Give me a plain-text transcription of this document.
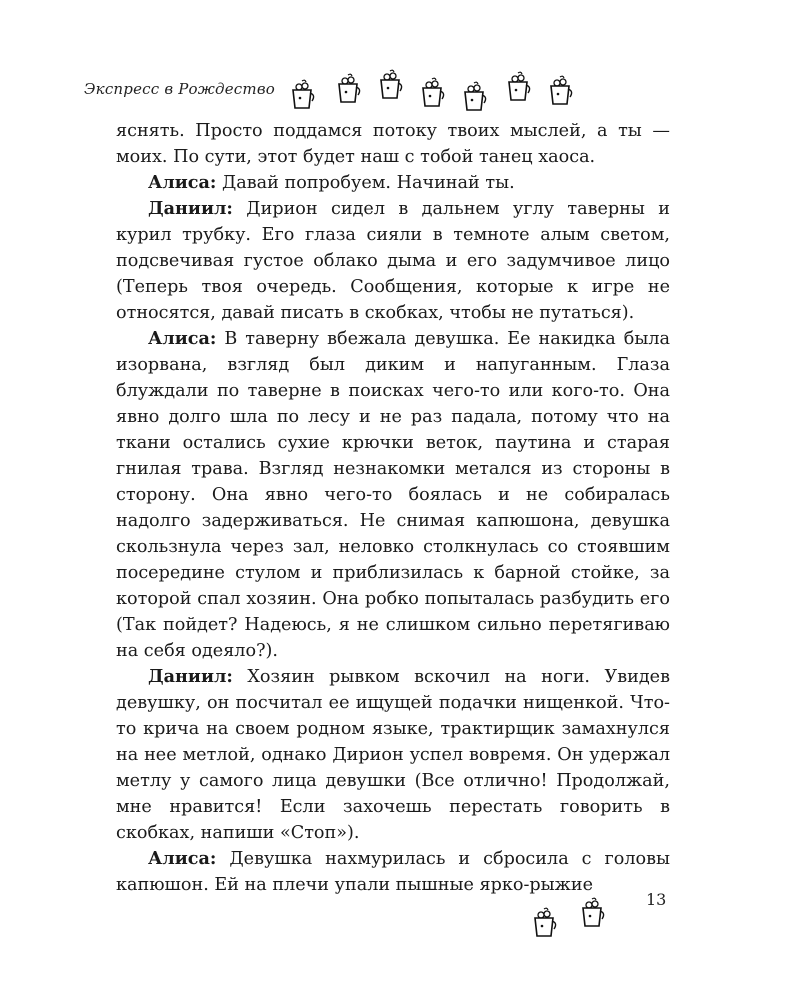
Экспресс в Рождество

яснять. Просто поддамся потоку твоих мыслей, а ты — моих. По сути, этот будет наш с тобой танец хаоса.

Алиса: Давай попробуем. Начинай ты.

Даниил: Дирион сидел в дальнем углу таверны и курил трубку. Его глаза сияли в темноте алым светом, подсвечивая густое облако дыма и его задумчивое лицо (Теперь твоя очередь. Сообщения, которые к игре не относятся, давай писать в скобках, чтобы не путаться).

Алиса: В таверну вбежала девушка. Ее накидка была изорвана, взгляд был диким и напуганным. Глаза блуждали по таверне в поисках чего-то или кого-то. Она явно долго шла по лесу и не раз падала, потому что на ткани остались сухие крючки веток, паутина и старая гнилая трава. Взгляд незнакомки метался из стороны в сторону. Она явно чего-то боялась и не собиралась надолго задерживаться. Не снимая капюшона, девушка скользнула через зал, неловко столкнулась со стоявшим посередине стулом и приблизилась к барной стойке, за которой спал хозяин. Она робко попыталась разбудить его (Так пойдет? Надеюсь, я не слишком сильно перетягиваю на себя одеяло?).

Даниил: Хозяин рывком вскочил на ноги. Увидев девушку, он посчитал ее ищущей подачки нищенкой. Что-то крича на своем родном языке, трактирщик замахнулся на нее метлой, однако Дирион успел вовремя. Он удержал метлу у самого лица девушки (Все отлично! Продолжай, мне нравится! Если захочешь перестать говорить в скобках, напиши «Стоп»).

Алиса: Девушка нахмурилась и сбросила с головы капюшон. Ей на плечи упали пышные ярко-рыжие

13
